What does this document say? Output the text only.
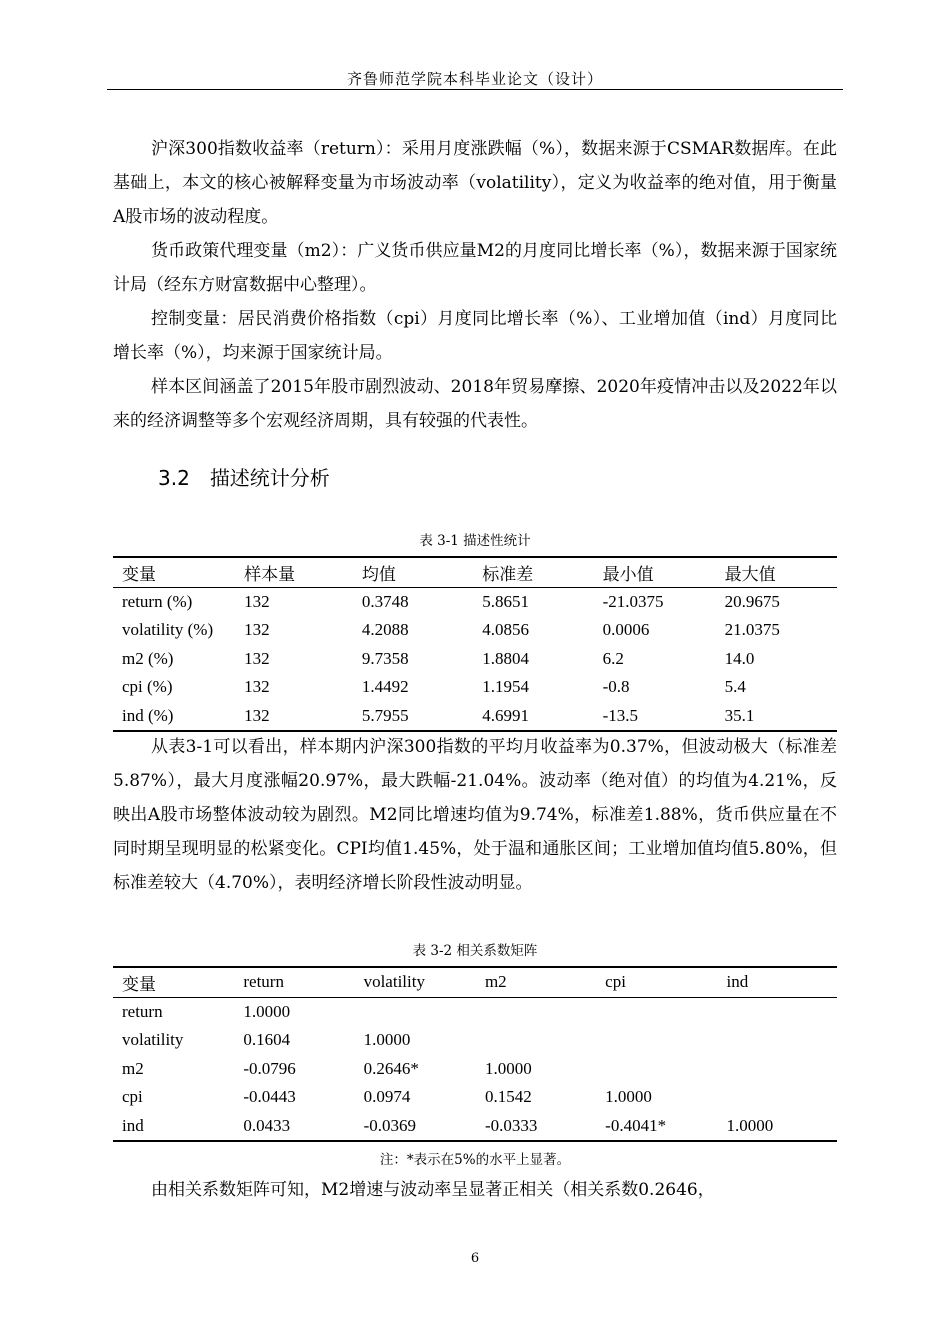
齐鲁师范学院本科毕业论文（设计）

沪深300指数收益率（return）：采用月度涨跌幅（%），数据来源于CSMAR数据库。在此基础上，本文的核心被解释变量为市场波动率（volatility），定义为收益率的绝对值，用于衡量A股市场的波动程度。

货币政策代理变量（m2）：广义货币供应量M2的月度同比增长率（%），数据来源于国家统计局（经东方财富数据中心整理）。

控制变量：居民消费价格指数（cpi）月度同比增长率（%）、工业增加值（ind）月度同比增长率（%），均来源于国家统计局。

样本区间涵盖了2015年股市剧烈波动、2018年贸易摩擦、2020年疫情冲击以及2022年以来的经济调整等多个宏观经济周期，具有较强的代表性。

3.2 描述统计分析
表 3-1 描述性统计
变量	样本量	均值	标准差	最小值	最大值
return (%)	132	0.3748	5.8651	-21.0375	20.9675
volatility (%)	132	4.2088	4.0856	0.0006	21.0375
m2 (%)	132	9.7358	1.8804	6.2	14.0
cpi (%)	132	1.4492	1.1954	-0.8	5.4
ind (%)	132	5.7955	4.6991	-13.5	35.1

从表3-1可以看出，样本期内沪深300指数的平均月收益率为0.37%，但波动极大（标准差5.87%），最大月度涨幅20.97%，最大跌幅-21.04%。波动率（绝对值）的均值为4.21%，反映出A股市场整体波动较为剧烈。M2同比增速均值为9.74%，标准差1.88%，货币供应量在不同时期呈现明显的松紧变化。CPI均值1.45%，处于温和通胀区间；工业增加值均值5.80%，但标准差较大（4.70%），表明经济增长阶段性波动明显。

表 3-2 相关系数矩阵
变量	return	volatility	m2	cpi	ind
return	1.0000				
volatility	0.1604	1.0000			
m2	-0.0796	0.2646*	1.0000		
cpi	-0.0443	0.0974	0.1542	1.0000	
ind	0.0433	-0.0369	-0.0333	-0.4041*	1.0000
注：*表示在5%的水平上显著。

由相关系数矩阵可知，M2增速与波动率呈显著正相关（相关系数0.2646，

6
